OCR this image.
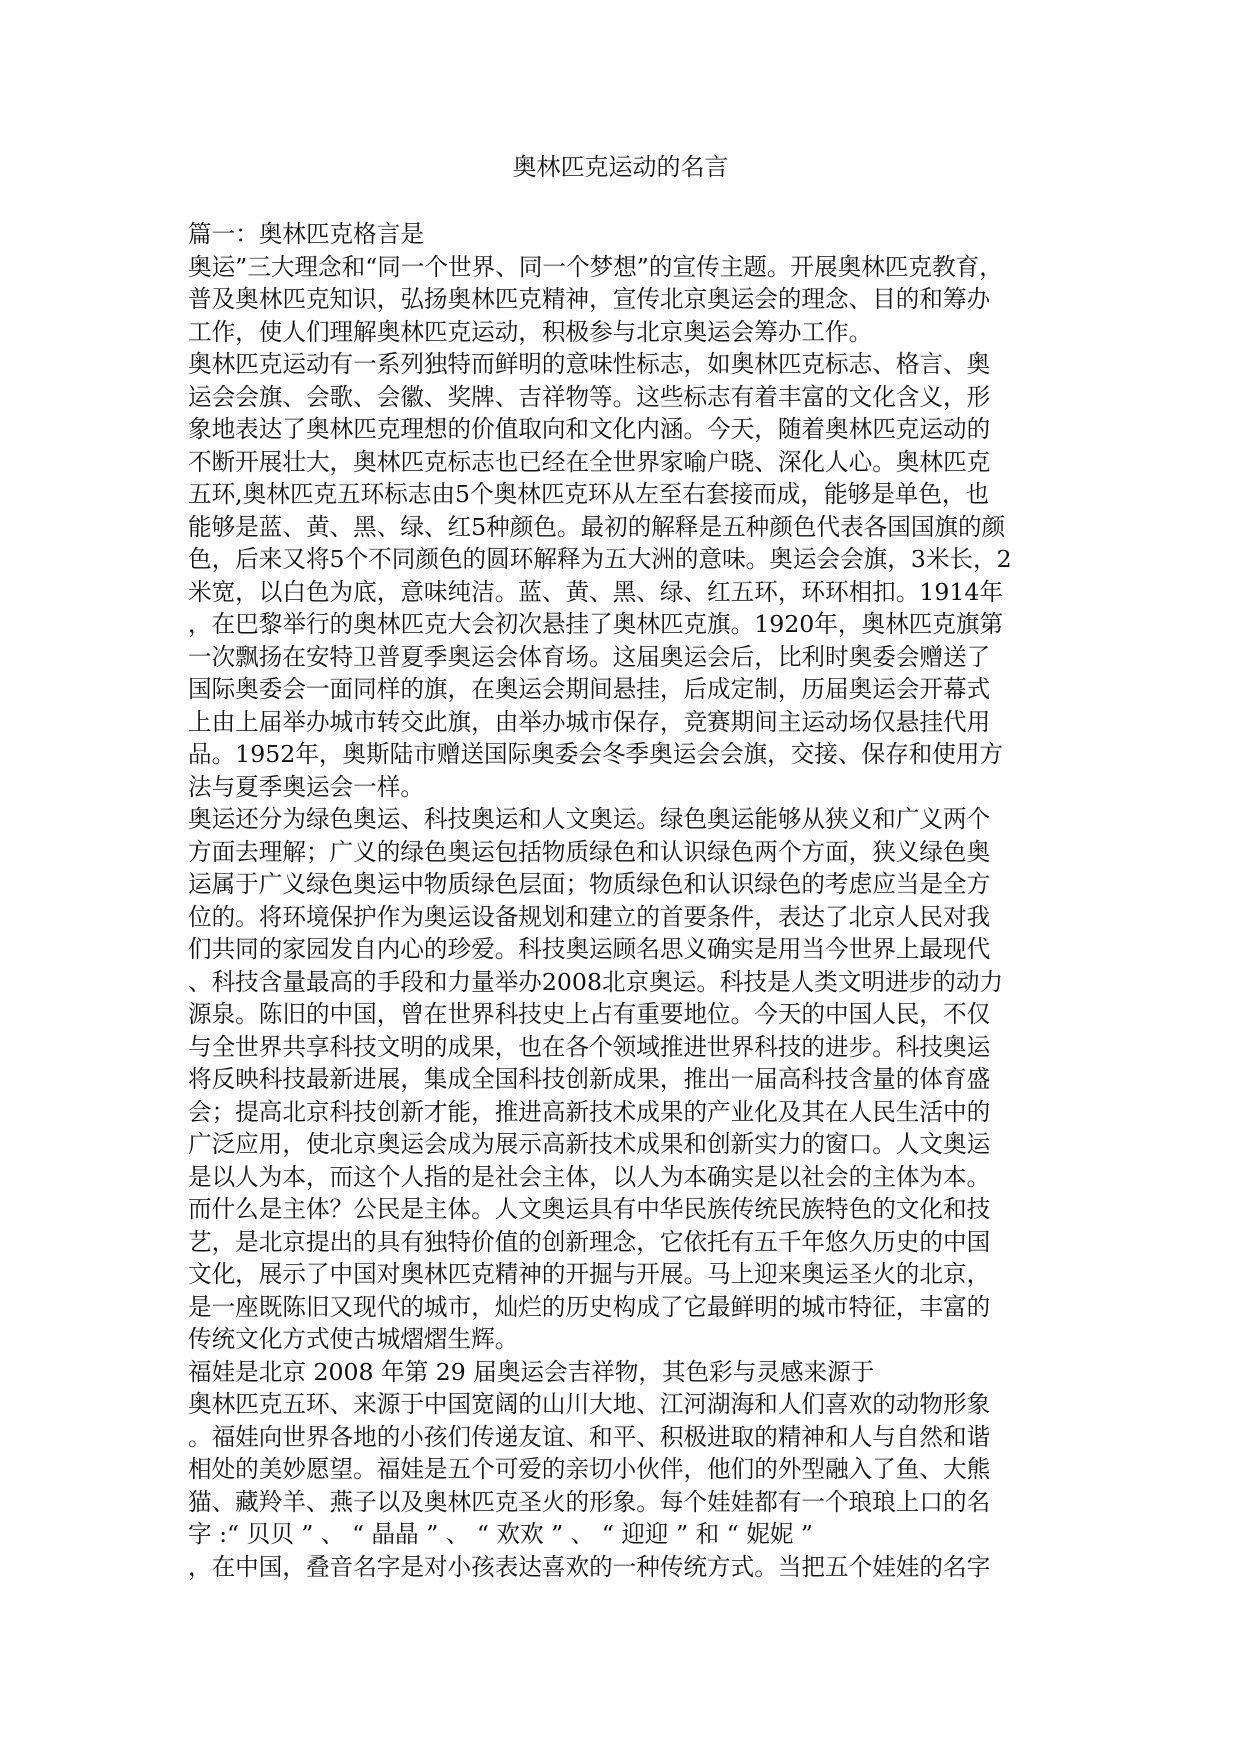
奥林匹克运动的名言

篇一：奥林匹克格言是

奥运”三大理念和“同一个世界、同一个梦想”的宣传主题。开展奥林匹克教育，

普及奥林匹克知识，弘扬奥林匹克精神，宣传北京奥运会的理念、目的和筹办

工作，使人们理解奥林匹克运动，积极参与北京奥运会筹办工作。

奥林匹克运动有一系列独特而鲜明的意味性标志，如奥林匹克标志、格言、奥

运会会旗、会歌、会徽、奖牌、吉祥物等。这些标志有着丰富的文化含义，形

象地表达了奥林匹克理想的价值取向和文化内涵。今天，随着奥林匹克运动的

不断开展壮大，奥林匹克标志也已经在全世界家喻户晓、深化人心。奥林匹克

五环,奥林匹克五环标志由5个奥林匹克环从左至右套接而成，能够是单色，也

能够是蓝、黄、黑、绿、红5种颜色。最初的解释是五种颜色代表各国国旗的颜

色，后来又将5个不同颜色的圆环解释为五大洲的意味。奥运会会旗，3米长，2

米宽，以白色为底，意味纯洁。蓝、黄、黑、绿、红五环，环环相扣。1914年

，在巴黎举行的奥林匹克大会初次悬挂了奥林匹克旗。1920年，奥林匹克旗第

一次飘扬在安特卫普夏季奥运会体育场。这届奥运会后，比利时奥委会赠送了

国际奥委会一面同样的旗，在奥运会期间悬挂，后成定制，历届奥运会开幕式

上由上届举办城市转交此旗，由举办城市保存，竞赛期间主运动场仅悬挂代用

品。1952年，奥斯陆市赠送国际奥委会冬季奥运会会旗，交接、保存和使用方

法与夏季奥运会一样。

奥运还分为绿色奥运、科技奥运和人文奥运。绿色奥运能够从狭义和广义两个

方面去理解；广义的绿色奥运包括物质绿色和认识绿色两个方面，狭义绿色奥

运属于广义绿色奥运中物质绿色层面；物质绿色和认识绿色的考虑应当是全方

位的。将环境保护作为奥运设备规划和建立的首要条件，表达了北京人民对我

们共同的家园发自内心的珍爱。科技奥运顾名思义确实是用当今世界上最现代

、科技含量最高的手段和力量举办2008北京奥运。科技是人类文明进步的动力

源泉。陈旧的中国，曾在世界科技史上占有重要地位。今天的中国人民，不仅

与全世界共享科技文明的成果，也在各个领域推进世界科技的进步。科技奥运

将反映科技最新进展，集成全国科技创新成果，推出一届高科技含量的体育盛

会；提高北京科技创新才能，推进高新技术成果的产业化及其在人民生活中的

广泛应用，使北京奥运会成为展示高新技术成果和创新实力的窗口。人文奥运

是以人为本，而这个人指的是社会主体，以人为本确实是以社会的主体为本。

而什么是主体？公民是主体。人文奥运具有中华民族传统民族特色的文化和技

艺，是北京提出的具有独特价值的创新理念，它依托有五千年悠久历史的中国

文化，展示了中国对奥林匹克精神的开掘与开展。马上迎来奥运圣火的北京，

是一座既陈旧又现代的城市，灿烂的历史构成了它最鲜明的城市特征，丰富的

传统文化方式使古城熠熠生辉。

福娃是北京 2008 年第 29 届奥运会吉祥物，其色彩与灵感来源于

奥林匹克五环、来源于中国宽阔的山川大地、江河湖海和人们喜欢的动物形象

。福娃向世界各地的小孩们传递友谊、和平、积极进取的精神和人与自然和谐

相处的美妙愿望。福娃是五个可爱的亲切小伙伴，他们的外型融入了鱼、大熊

猫、藏羚羊、燕子以及奥林匹克圣火的形象。每个娃娃都有一个琅琅上口的名

字 :“ 贝贝 ” 、 “ 晶晶 ” 、 “ 欢欢 ” 、 “ 迎迎 ” 和 “ 妮妮 ”

，在中国，叠音名字是对小孩表达喜欢的一种传统方式。当把五个娃娃的名字
